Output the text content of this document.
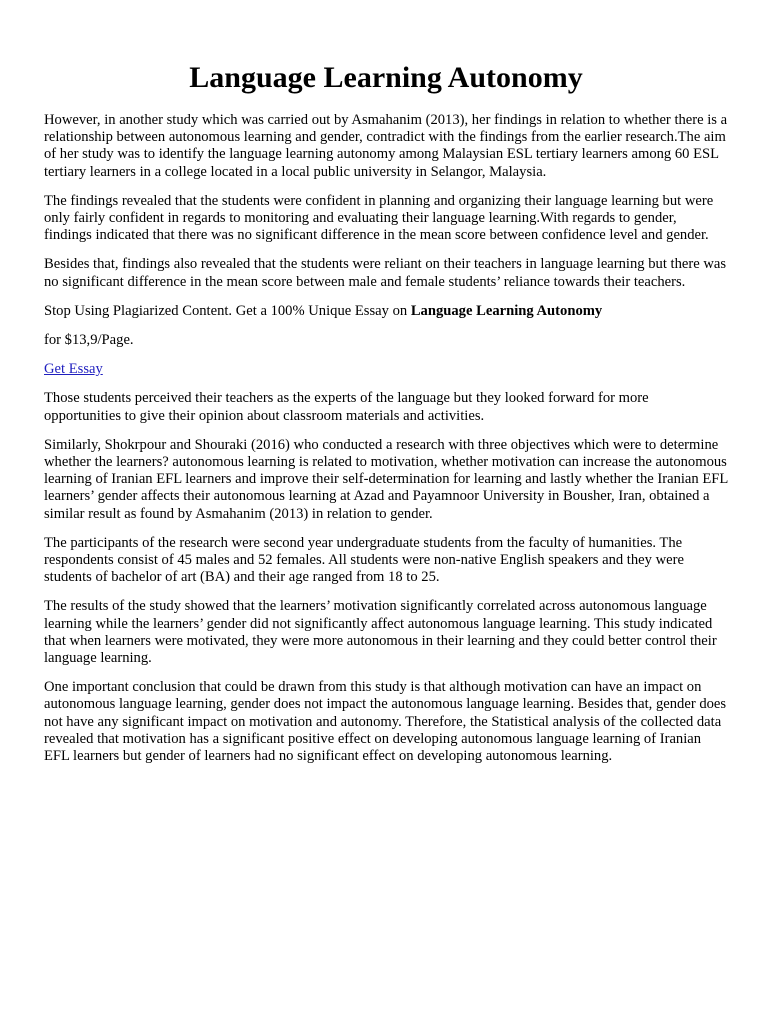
Language Learning Autonomy

However, in another study which was carried out by Asmahanim (2013), her findings in relation to whether there is a relationship between autonomous learning and gender, contradict with the findings from the earlier research.The aim of her study was to identify the language learning autonomy among Malaysian ESL tertiary learners among 60 ESL tertiary learners in a college located in a local public university in Selangor, Malaysia.

The findings revealed that the students were confident in planning and organizing their language learning but were only fairly confident in regards to monitoring and evaluating their language learning.With regards to gender, findings indicated that there was no significant difference in the mean score between confidence level and gender.

Besides that, findings also revealed that the students were reliant on their teachers in language learning but there was no significant difference in the mean score between male and female students’ reliance towards their teachers.

Stop Using Plagiarized Content. Get a 100% Unique Essay on Language Learning Autonomy

for $13,9/Page.

Get Essay

Those students perceived their teachers as the experts of the language but they looked forward for more opportunities to give their opinion about classroom materials and activities.

Similarly, Shokrpour and Shouraki (2016) who conducted a research with three objectives which were to determine whether the learners? autonomous learning is related to motivation, whether motivation can increase the autonomous learning of Iranian EFL learners and improve their self-determination for learning and lastly whether the Iranian EFL learners’ gender affects their autonomous learning at Azad and Payamnoor University in Bousher, Iran, obtained a similar result as found by Asmahanim (2013) in relation to gender.

The participants of the research were second year undergraduate students from the faculty of humanities. The respondents consist of 45 males and 52 females. All students were non-native English speakers and they were students of bachelor of art (BA) and their age ranged from 18 to 25.

The results of the study showed that the learners’ motivation significantly correlated across autonomous language learning while the learners’ gender did not significantly affect autonomous language learning. This study indicated that when learners were motivated, they were more autonomous in their learning and they could better control their language learning.

One important conclusion that could be drawn from this study is that although motivation can have an impact on autonomous language learning, gender does not impact the autonomous language learning. Besides that, gender does not have any significant impact on motivation and autonomy. Therefore, the Statistical analysis of the collected data revealed that motivation has a significant positive effect on developing autonomous language learning of Iranian EFL learners but gender of learners had no significant effect on developing autonomous learning.
